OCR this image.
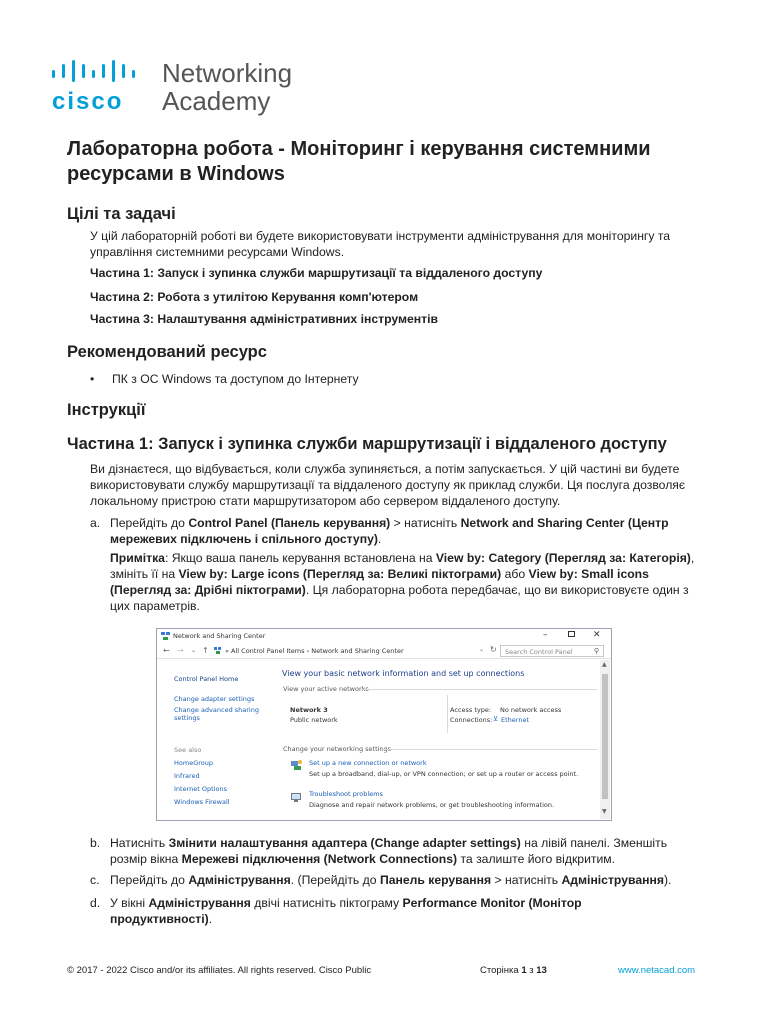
cisco
Networking
Academy
Лабораторна робота - Моніторинг і керування системними ресурсами в Windows
Цілі та задачі
У цій лабораторній роботі ви будете використовувати інструменти адміністрування для моніторингу та управління системними ресурсами Windows.
Частина 1: Запуск і зупинка служби маршрутизації та віддаленого доступу
Частина 2: Робота з утилітою Керування комп'ютером
Частина 3: Налаштування адміністративних інструментів
Рекомендований ресурс
• ПК з ОС Windows та доступом до Інтернету
Інструкції
Частина 1: Запуск і зупинка служби маршрутизації і віддаленого доступу
Ви дізнаєтеся, що відбувається, коли служба зупиняється, а потім запускається. У цій частині ви будете використовувати службу маршрутизації та віддаленого доступу як приклад служби. Ця послуга дозволяє локальному пристрою стати маршрутизатором або сервером віддаленого доступу.
a. Перейдіть до Control Panel (Панель керування) > натисніть Network and Sharing Center (Центр мережевих підключень і спільного доступу).
Примітка: Якщо ваша панель керування встановлена на View by: Category (Перегляд за: Категорія), змініть її на View by: Large icons (Перегляд за: Великі піктограми) або View by: Small icons (Перегляд за: Дрібні піктограми). Ця лабораторна робота передбачає, що ви використовуєте один з цих параметрів.
Network and Sharing Center	–	✕
← → ⌄ ↑	« All Control Panel Items › Network and Sharing Center	⌄ ↻ Search Control Panel	⚲
Control Panel Home
Change adapter settings
Change advanced sharing settings
See also
HomeGroup
Infrared
Internet Options
Windows Firewall
View your basic network information and set up connections
View your active networks
Network 3
Public network
Access type: No network access
Connections: ⊻ Ethernet
Change your networking settings
Set up a new connection or network
Set up a broadband, dial-up, or VPN connection; or set up a router or access point.
Troubleshoot problems
Diagnose and repair network problems, or get troubleshooting information.
▲
▼
b. Натисніть Змінити налаштування адаптера (Change adapter settings) на лівій панелі. Зменшіть розмір вікна Мережеві підключення (Network Connections) та залиште його відкритим.
c. Перейдіть до Адміністрування. (Перейдіть до Панель керування > натисніть Адміністрування).
d. У вікні Адміністрування двічі натисніть піктограму Performance Monitor (Монітор продуктивності).
© 2017 - 2022 Cisco and/or its affiliates. All rights reserved. Cisco Public	Сторінка 1 з 13	www.netacad.com
